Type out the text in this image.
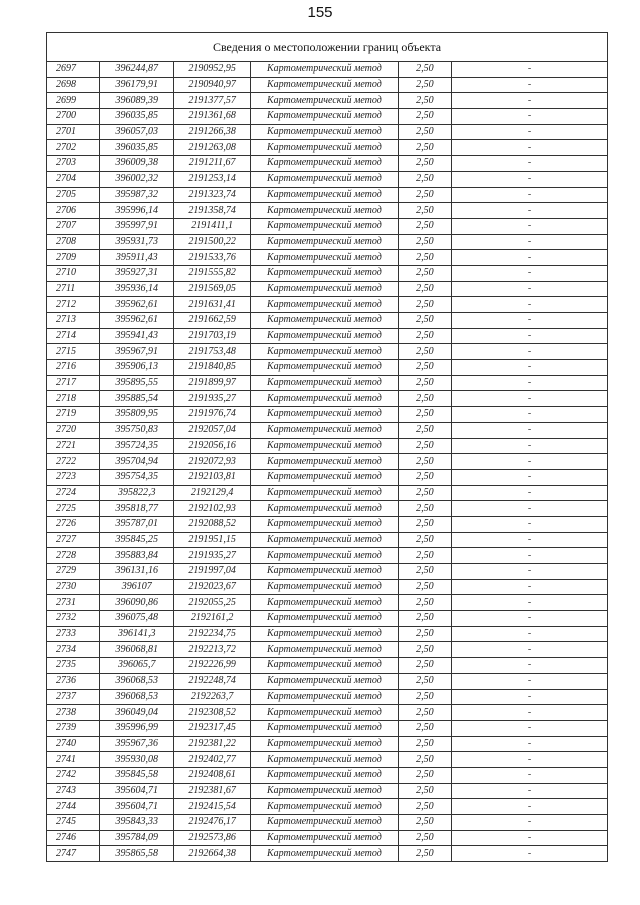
155
Сведения о местоположении границ объекта					
2697	396244,87	2190952,95	Картометрический метод	2,50	-
2698	396179,91	2190940,97	Картометрический метод	2,50	-
2699	396089,39	2191377,57	Картометрический метод	2,50	-
2700	396035,85	2191361,68	Картометрический метод	2,50	-
2701	396057,03	2191266,38	Картометрический метод	2,50	-
2702	396035,85	2191263,08	Картометрический метод	2,50	-
2703	396009,38	2191211,67	Картометрический метод	2,50	-
2704	396002,32	2191253,14	Картометрический метод	2,50	-
2705	395987,32	2191323,74	Картометрический метод	2,50	-
2706	395996,14	2191358,74	Картометрический метод	2,50	-
2707	395997,91	2191411,1	Картометрический метод	2,50	-
2708	395931,73	2191500,22	Картометрический метод	2,50	-
2709	395911,43	2191533,76	Картометрический метод	2,50	-
2710	395927,31	2191555,82	Картометрический метод	2,50	-
2711	395936,14	2191569,05	Картометрический метод	2,50	-
2712	395962,61	2191631,41	Картометрический метод	2,50	-
2713	395962,61	2191662,59	Картометрический метод	2,50	-
2714	395941,43	2191703,19	Картометрический метод	2,50	-
2715	395967,91	2191753,48	Картометрический метод	2,50	-
2716	395906,13	2191840,85	Картометрический метод	2,50	-
2717	395895,55	2191899,97	Картометрический метод	2,50	-
2718	395885,54	2191935,27	Картометрический метод	2,50	-
2719	395809,95	2191976,74	Картометрический метод	2,50	-
2720	395750,83	2192057,04	Картометрический метод	2,50	-
2721	395724,35	2192056,16	Картометрический метод	2,50	-
2722	395704,94	2192072,93	Картометрический метод	2,50	-
2723	395754,35	2192103,81	Картометрический метод	2,50	-
2724	395822,3	2192129,4	Картометрический метод	2,50	-
2725	395818,77	2192102,93	Картометрический метод	2,50	-
2726	395787,01	2192088,52	Картометрический метод	2,50	-
2727	395845,25	2191951,15	Картометрический метод	2,50	-
2728	395883,84	2191935,27	Картометрический метод	2,50	-
2729	396131,16	2191997,04	Картометрический метод	2,50	-
2730	396107	2192023,67	Картометрический метод	2,50	-
2731	396090,86	2192055,25	Картометрический метод	2,50	-
2732	396075,48	2192161,2	Картометрический метод	2,50	-
2733	396141,3	2192234,75	Картометрический метод	2,50	-
2734	396068,81	2192213,72	Картометрический метод	2,50	-
2735	396065,7	2192226,99	Картометрический метод	2,50	-
2736	396068,53	2192248,74	Картометрический метод	2,50	-
2737	396068,53	2192263,7	Картометрический метод	2,50	-
2738	396049,04	2192308,52	Картометрический метод	2,50	-
2739	395996,99	2192317,45	Картометрический метод	2,50	-
2740	395967,36	2192381,22	Картометрический метод	2,50	-
2741	395930,08	2192402,77	Картометрический метод	2,50	-
2742	395845,58	2192408,61	Картометрический метод	2,50	-
2743	395604,71	2192381,67	Картометрический метод	2,50	-
2744	395604,71	2192415,54	Картометрический метод	2,50	-
2745	395843,33	2192476,17	Картометрический метод	2,50	-
2746	395784,09	2192573,86	Картометрический метод	2,50	-
2747	395865,58	2192664,38	Картометрический метод	2,50	-
